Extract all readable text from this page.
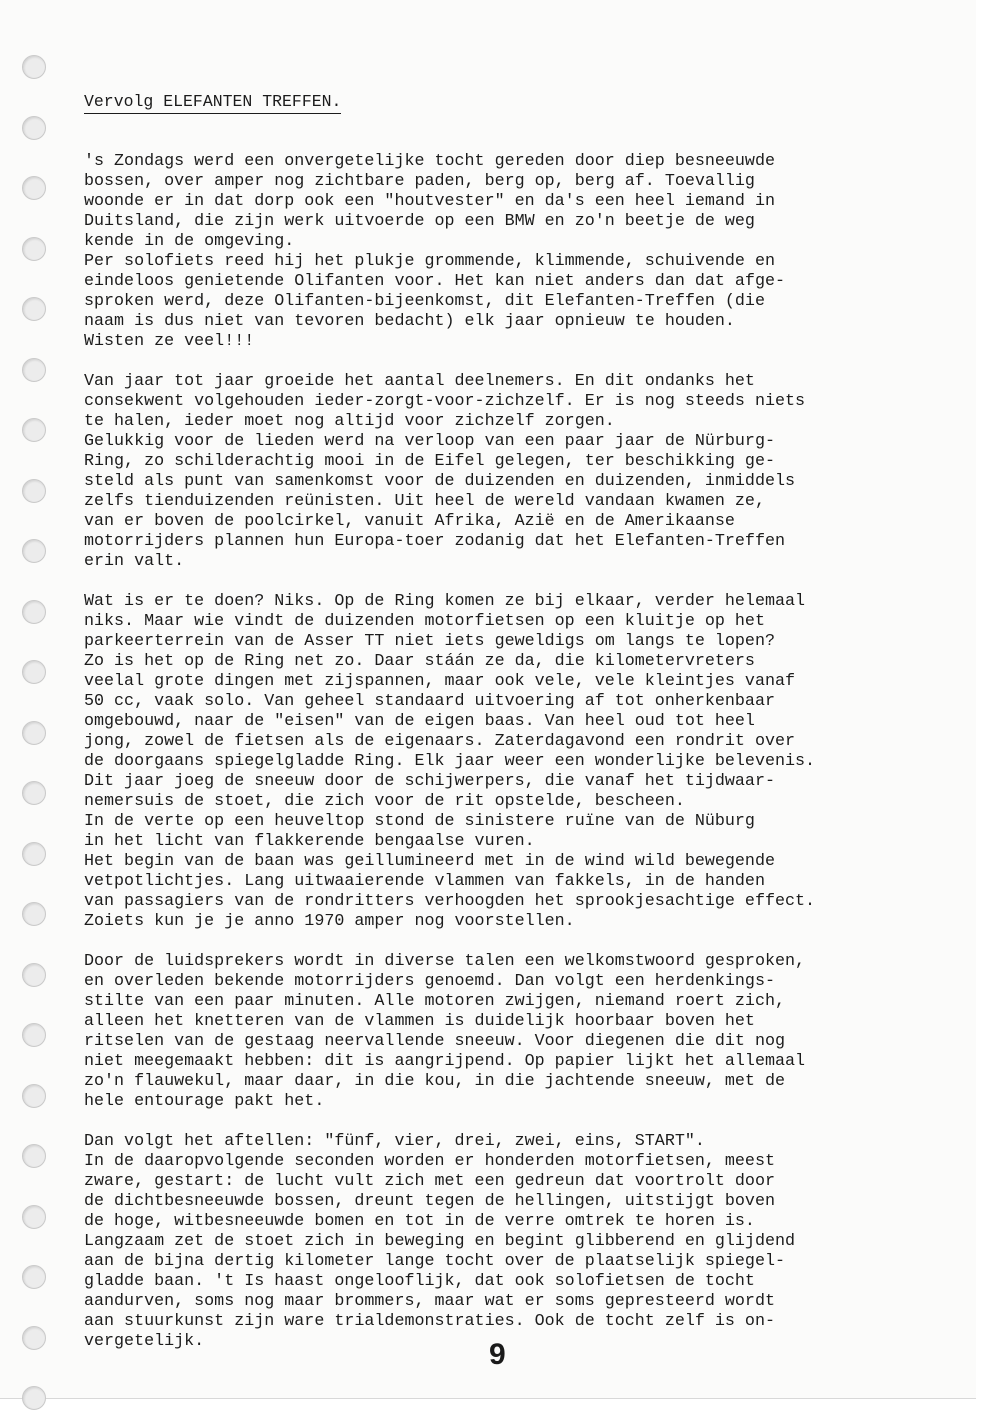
Vervolg ELEFANTEN TREFFEN.
's Zondags werd een onvergetelijke tocht gereden door diep besneeuwde
bossen, over amper nog zichtbare paden, berg op, berg af. Toevallig
woonde er in dat dorp ook een "houtvester" en da's een heel iemand in
Duitsland, die zijn werk uitvoerde op een BMW en zo'n beetje de weg
kende in de omgeving.
Per solofiets reed hij het plukje grommende, klimmende, schuivende en
eindeloos genietende Olifanten voor. Het kan niet anders dan dat afge-
sproken werd, deze Olifanten-bijeenkomst, dit Elefanten-Treffen (die
naam is dus niet van tevoren bedacht) elk jaar opnieuw te houden.
Wisten ze veel!!!
Van jaar tot jaar groeide het aantal deelnemers. En dit ondanks het
consekwent volgehouden ieder-zorgt-voor-zichzelf. Er is nog steeds niets
te halen, ieder moet nog altijd voor zichzelf zorgen.
Gelukkig voor de lieden werd na verloop van een paar jaar de Nürburg-
Ring, zo schilderachtig mooi in de Eifel gelegen, ter beschikking ge-
steld als punt van samenkomst voor de duizenden en duizenden, inmiddels
zelfs tienduizenden reünisten. Uit heel de wereld vandaan kwamen ze,
van er boven de poolcirkel, vanuit Afrika, Azië en de Amerikaanse
motorrijders plannen hun Europa-toer zodanig dat het Elefanten-Treffen
erin valt.
Wat is er te doen? Niks. Op de Ring komen ze bij elkaar, verder helemaal
niks. Maar wie vindt de duizenden motorfietsen op een kluitje op het
parkeerterrein van de Asser TT niet iets geweldigs om langs te lopen?
Zo is het op de Ring net zo. Daar stáán ze da, die kilometervreters
veelal grote dingen met zijspannen, maar ook vele, vele kleintjes vanaf
50 cc, vaak solo. Van geheel standaard uitvoering af tot onherkenbaar
omgebouwd, naar de "eisen" van de eigen baas. Van heel oud tot heel
jong, zowel de fietsen als de eigenaars. Zaterdagavond een rondrit over
de doorgaans spiegelgladde Ring. Elk jaar weer een wonderlijke belevenis.
Dit jaar joeg de sneeuw door de schijwerpers, die vanaf het tijdwaar-
nemersuis de stoet, die zich voor de rit opstelde, bescheen.
In de verte op een heuveltop stond de sinistere ruïne van de Nüburg
in het licht van flakkerende bengaalse vuren.
Het begin van de baan was geillumineerd met in de wind wild bewegende
vetpotlichtjes. Lang uitwaaierende vlammen van fakkels, in de handen
van passagiers van de rondritters verhoogden het sprookjesachtige effect.
Zoiets kun je je anno 1970 amper nog voorstellen.
Door de luidsprekers wordt in diverse talen een welkomstwoord gesproken,
en overleden bekende motorrijders genoemd. Dan volgt een herdenkings-
stilte van een paar minuten. Alle motoren zwijgen, niemand roert zich,
alleen het knetteren van de vlammen is duidelijk hoorbaar boven het
ritselen van de gestaag neervallende sneeuw. Voor diegenen die dit nog
niet meegemaakt hebben: dit is aangrijpend. Op papier lijkt het allemaal
zo'n flauwekul, maar daar, in die kou, in die jachtende sneeuw, met de
hele entourage pakt het.
Dan volgt het aftellen: "fünf, vier, drei, zwei, eins, START".
In de daaropvolgende seconden worden er honderden motorfietsen, meest
zware, gestart: de lucht vult zich met een gedreun dat voortrolt door
de dichtbesneeuwde bossen, dreunt tegen de hellingen, uitstijgt boven
de hoge, witbesneeuwde bomen en tot in de verre omtrek te horen is.
Langzaam zet de stoet zich in beweging en begint glibberend en glijdend
aan de bijna dertig kilometer lange tocht over de plaatselijk spiegel-
gladde baan. 't Is haast ongelooflijk, dat ook solofietsen de tocht
aandurven, soms nog maar brommers, maar wat er soms gepresteerd wordt
aan stuurkunst zijn ware trialdemonstraties. Ook de tocht zelf is on-
vergetelijk.	9
